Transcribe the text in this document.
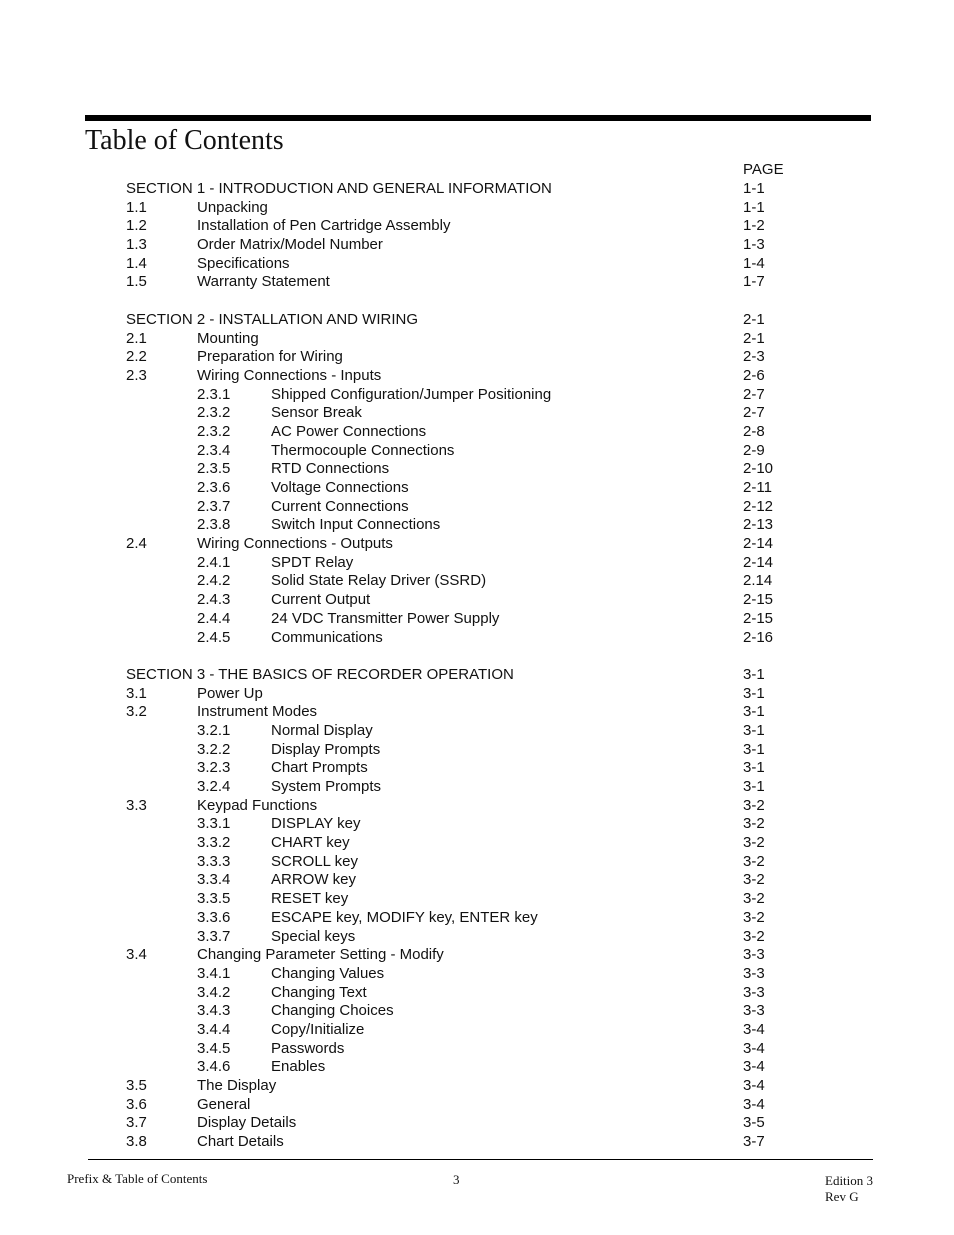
Table of Contents
PAGE
SECTION 1 - INTRODUCTION AND GENERAL INFORMATION	1-1
1.1	Unpacking	1-1
1.2	Installation of Pen Cartridge Assembly	1-2
1.3	Order Matrix/Model Number	1-3
1.4	Specifications	1-4
1.5	Warranty Statement	1-7
SECTION 2 - INSTALLATION AND WIRING	2-1
2.1	Mounting	2-1
2.2	Preparation for Wiring	2-3
2.3	Wiring Connections - Inputs	2-6
2.3.1	Shipped Configuration/Jumper Positioning	2-7
2.3.2	Sensor Break	2-7
2.3.2	AC Power Connections	2-8
2.3.4	Thermocouple Connections	2-9
2.3.5	RTD Connections	2-10
2.3.6	Voltage Connections	2-11
2.3.7	Current Connections	2-12
2.3.8	Switch Input Connections	2-13
2.4	Wiring Connections - Outputs	2-14
2.4.1	SPDT Relay	2-14
2.4.2	Solid State Relay Driver (SSRD)	2.14
2.4.3	Current Output	2-15
2.4.4	24 VDC Transmitter Power Supply	2-15
2.4.5	Communications	2-16
SECTION 3 - THE BASICS OF RECORDER OPERATION	3-1
3.1	Power Up	3-1
3.2	Instrument Modes	3-1
3.2.1	Normal Display	3-1
3.2.2	Display Prompts	3-1
3.2.3	Chart Prompts	3-1
3.2.4	System Prompts	3-1
3.3	Keypad Functions	3-2
3.3.1	DISPLAY key	3-2
3.3.2	CHART key	3-2
3.3.3	SCROLL key	3-2
3.3.4	ARROW key	3-2
3.3.5	RESET key	3-2
3.3.6	ESCAPE key, MODIFY key, ENTER key	3-2
3.3.7	Special keys	3-2
3.4	Changing Parameter Setting - Modify	3-3
3.4.1	Changing Values	3-3
3.4.2	Changing Text	3-3
3.4.3	Changing Choices	3-3
3.4.4	Copy/Initialize	3-4
3.4.5	Passwords	3-4
3.4.6	Enables	3-4
3.5	The Display	3-4
3.6	General	3-4
3.7	Display Details	3-5
3.8	Chart Details	3-7
Prefix & Table of Contents	3	Edition 3
Rev G
